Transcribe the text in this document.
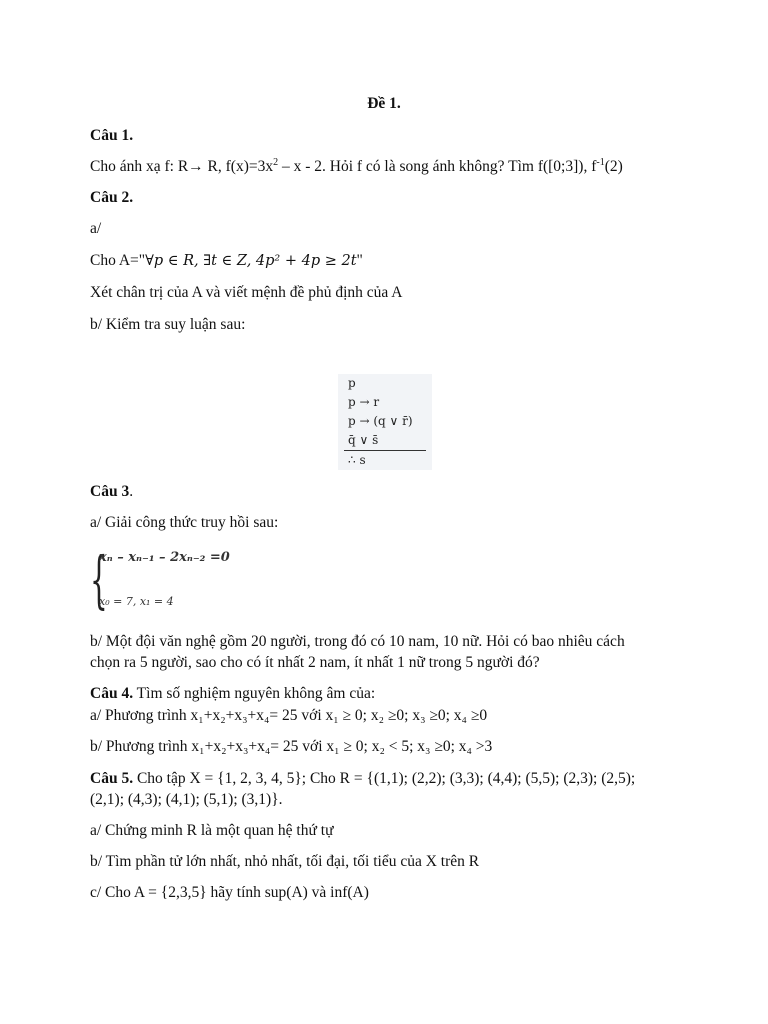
Đề 1.
Câu 1.
Cho ánh xạ f: R→ R, $f(x)=3x^2 - x - 2$. Hỏi f có là song ánh không? Tìm f([0;3]), $f^{-1}(2)$
Câu 2.
a/
Cho A="∀p ∈ R, ∃t ∈ Z, 4p² + 4p ≥ 2t"
Xét chân trị của A và viết mệnh đề phủ định của A
b/ Kiểm tra suy luận sau:
p
p → r
p → (q ∨ r̄)
q̄ ∨ s̄
∴ s
Câu 3.
a/ Giải công thức truy hồi sau:
{
xₙ – xₙ₋₁ – 2xₙ₋₂ =0
x₀ = 7, x₁ = 4
b/ Một đội văn nghệ gồm 20 người, trong đó có 10 nam, 10 nữ. Hỏi có bao nhiêu cách
chọn ra 5 người, sao cho có ít nhất 2 nam, ít nhất 1 nữ trong 5 người đó?
Câu 4. Tìm số nghiệm nguyên không âm của:
a/ Phương trình x₁+x₂+x₃+x₄= 25 với x₁ ≥ 0; x₂ ≥0; x₃ ≥0; x₄ ≥0
b/ Phương trình x₁+x₂+x₃+x₄= 25 với x₁ ≥ 0; x₂ < 5; x₃ ≥0; x₄ >3
Câu 5. Cho tập X = {1, 2, 3, 4, 5}; Cho R = {(1,1); (2,2); (3,3); (4,4); (5,5); (2,3); (2,5);
(2,1); (4,3); (4,1); (5,1); (3,1)}.
a/ Chứng minh R là một quan hệ thứ tự
b/ Tìm phần tử lớn nhất, nhỏ nhất, tối đại, tối tiểu của X trên R
c/ Cho A = {2,3,5} hãy tính sup(A) và inf(A)
